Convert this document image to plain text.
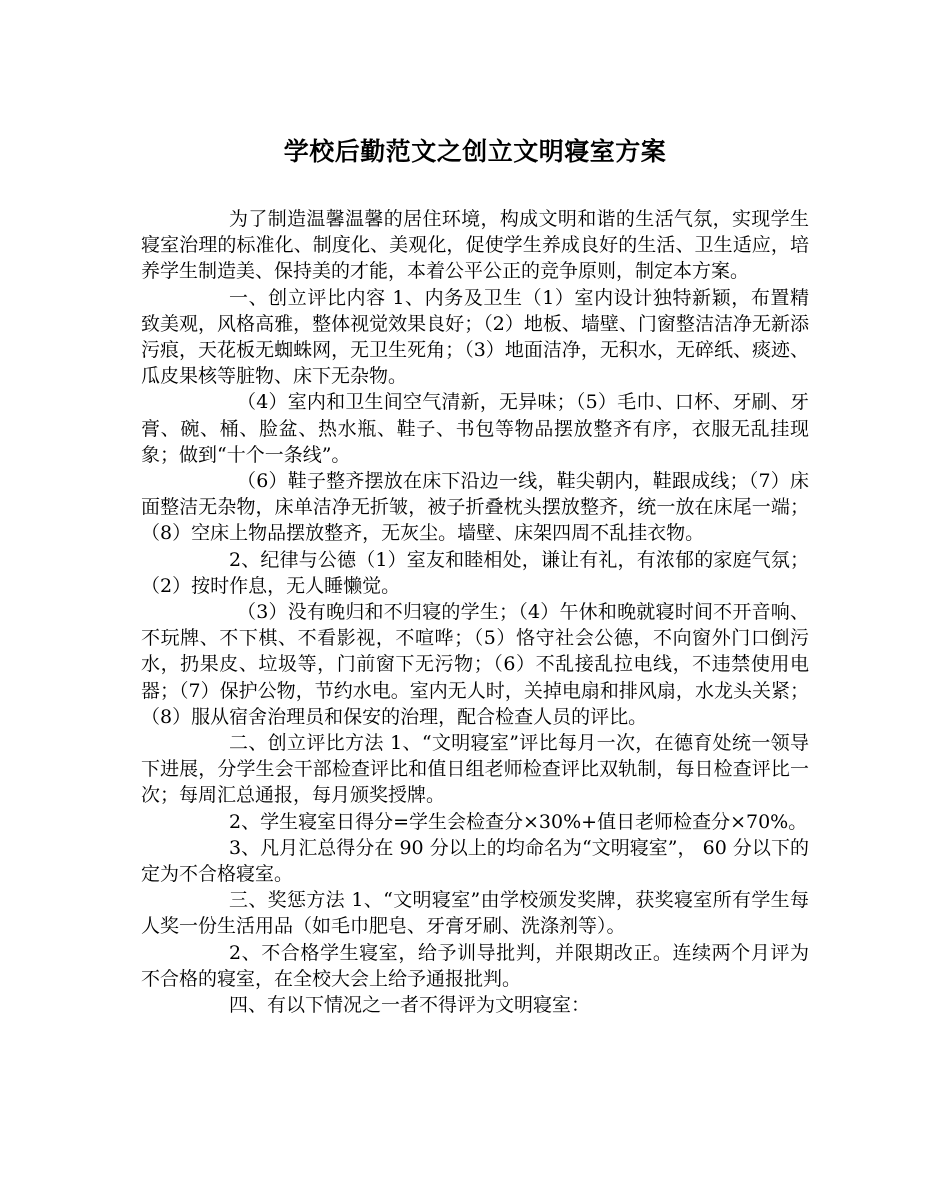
学校后勤范文之创立文明寝室方案

为了制造温馨温馨的居住环境，构成文明和谐的生活气氛，实现学生寝室治理的标准化、制度化、美观化，促使学生养成良好的生活、卫生适应，培养学生制造美、保持美的才能，本着公平公正的竞争原则，制定本方案。

一、创立评比内容 1、内务及卫生（1）室内设计独特新颖，布置精致美观，风格高雅，整体视觉效果良好；（2）地板、墙壁、门窗整洁洁净无新添污痕，天花板无蜘蛛网，无卫生死角；（3）地面洁净，无积水，无碎纸、痰迹、瓜皮果核等脏物、床下无杂物。

（4）室内和卫生间空气清新，无异味；（5）毛巾、口杯、牙刷、牙膏、碗、桶、脸盆、热水瓶、鞋子、书包等物品摆放整齐有序，衣服无乱挂现象；做到“十个一条线”。

（6）鞋子整齐摆放在床下沿边一线，鞋尖朝内，鞋跟成线；（7）床面整洁无杂物，床单洁净无折皱，被子折叠枕头摆放整齐，统一放在床尾一端；（8）空床上物品摆放整齐，无灰尘。墙壁、床架四周不乱挂衣物。

2、纪律与公德（1）室友和睦相处，谦让有礼，有浓郁的家庭气氛；（2）按时作息，无人睡懒觉。

（3）没有晚归和不归寝的学生；（4）午休和晚就寝时间不开音响、不玩牌、不下棋、不看影视，不喧哗；（5）恪守社会公德，不向窗外门口倒污水，扔果皮、垃圾等，门前窗下无污物；（6）不乱接乱拉电线，不违禁使用电器；（7）保护公物，节约水电。室内无人时，关掉电扇和排风扇，水龙头关紧；（8）服从宿舍治理员和保安的治理，配合检查人员的评比。

二、创立评比方法 1、“文明寝室”评比每月一次，在德育处统一领导下进展，分学生会干部检查评比和值日组老师检查评比双轨制，每日检查评比一次；每周汇总通报，每月颁奖授牌。

2、学生寝室日得分=学生会检查分×30%+值日老师检查分×70%。

3、凡月汇总得分在 90 分以上的均命名为“文明寝室”， 60 分以下的定为不合格寝室。

三、奖惩方法 1、“文明寝室”由学校颁发奖牌，获奖寝室所有学生每人奖一份生活用品（如毛巾肥皂、牙膏牙刷、洗涤剂等）。

2、不合格学生寝室，给予训导批判，并限期改正。连续两个月评为不合格的寝室，在全校大会上给予通报批判。

四、有以下情况之一者不得评为文明寝室：
